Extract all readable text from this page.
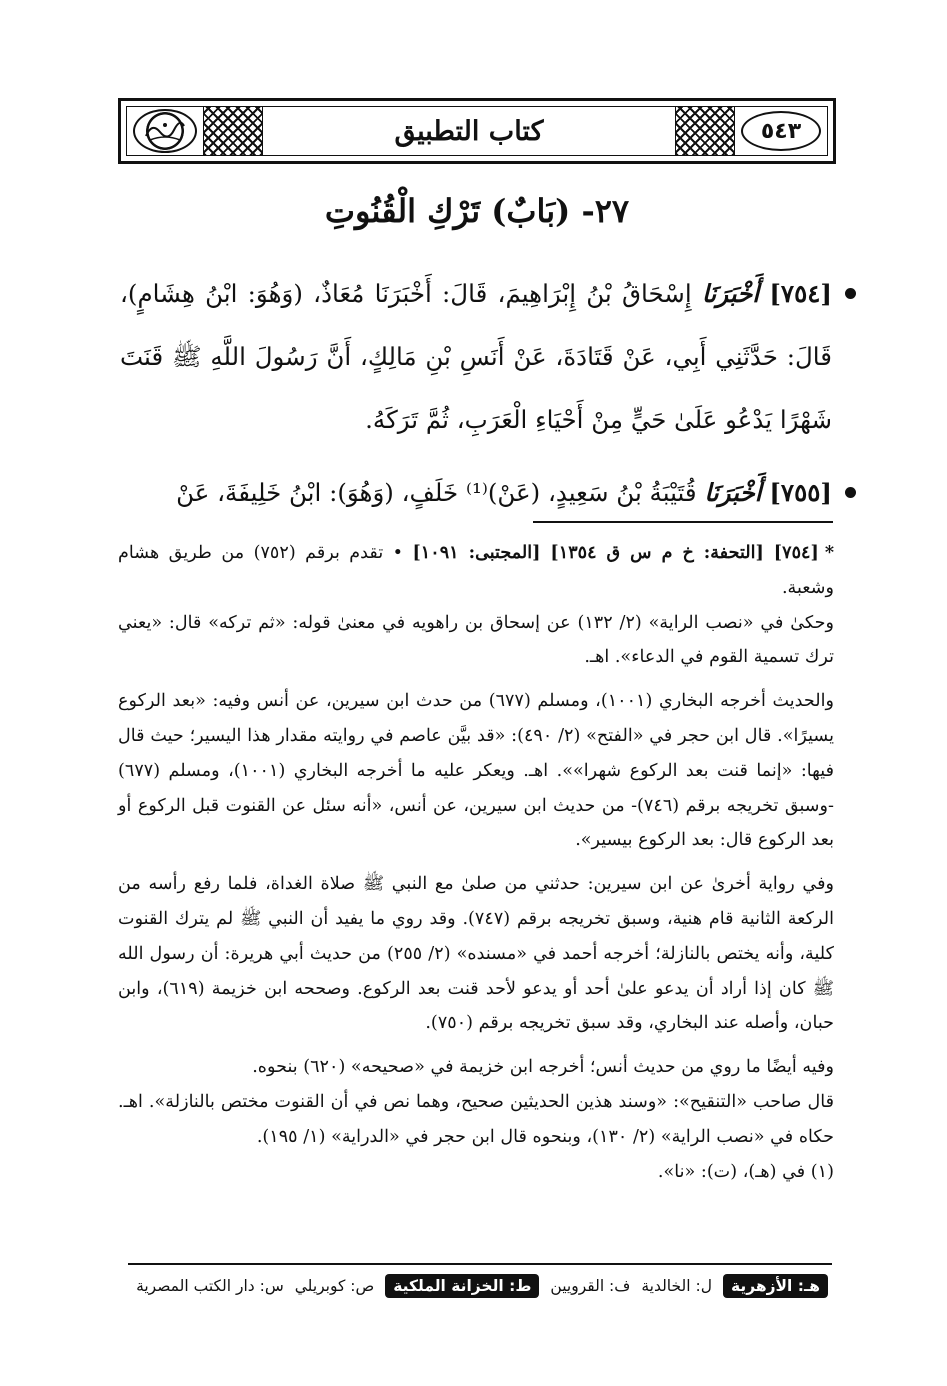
كتاب التطبيق	٥٤٣
٢٧- (بَابٌ) تَرْكِ الْقُنُوتِ

[٧٥٤] أَخْبَرَنَا إِسْحَاقُ بْنُ إِبْرَاهِيمَ، قَالَ: أَخْبَرَنَا مُعَاذٌ، (وَهُوَ: ابْنُ هِشَامٍ)، قَالَ: حَدَّثَنِي أَبِي، عَنْ قَتَادَةَ، عَنْ أَنَسِ بْنِ مَالِكٍ، أَنَّ رَسُولَ اللَّهِ ﷺ قَنَتَ شَهْرًا يَدْعُو عَلَىٰ حَيٍّ مِنْ أَحْيَاءِ الْعَرَبِ، ثُمَّ تَرَكَهُ.

[٧٥٥] أَخْبَرَنَا قُتَيْبَةُ بْنُ سَعِيدٍ، (عَنْ)⁽¹⁾ خَلَفٍ، (وَهُوَ): ابْنُ خَلِيفَةَ، عَنْ

*[٧٥٤] [التحفة: خ م س ق ١٣٥٤] [المجتبى: ١٠٩١] • تقدم برقم (٧٥٢) من طريق هشام وشعبة.

وحكىٰ في «نصب الراية» (٢/ ١٣٢) عن إسحاق بن راهويه في معنىٰ قوله: «ثم تركه» قال: «يعني ترك تسمية القوم في الدعاء». اهـ.

والحديث أخرجه البخاري (١٠٠١)، ومسلم (٦٧٧) من حدث ابن سيرين، عن أنس وفيه: «بعد الركوع يسيرًا». قال ابن حجر في «الفتح» (٢/ ٤٩٠): «قد بيَّن عاصم في روايته مقدار هذا اليسير؛ حيث قال فيها: «إنما قنت بعد الركوع شهرا»». اهـ. ويعكر عليه ما أخرجه البخاري (١٠٠١)، ومسلم (٦٧٧) -وسبق تخريجه برقم (٧٤٦)- من حديث ابن سيرين، عن أنس، «أنه سئل عن القنوت قبل الركوع أو بعد الركوع قال: بعد الركوع بيسير».

وفي رواية أخرىٰ عن ابن سيرين: حدثني من صلىٰ مع النبي ﷺ صلاة الغداة، فلما رفع رأسه من الركعة الثانية قام هنية، وسبق تخريجه برقم (٧٤٧). وقد روي ما يفيد أن النبي ﷺ لم يترك القنوت كلية، وأنه يختص بالنازلة؛ أخرجه أحمد في «مسنده» (٢/ ٢٥٥) من حديث أبي هريرة: أن رسول الله ﷺ كان إذا أراد أن يدعو علىٰ أحد أو يدعو لأحد قنت بعد الركوع. وصححه ابن خزيمة (٦١٩)، وابن حبان، وأصله عند البخاري، وقد سبق تخريجه برقم (٧٥٠).

وفيه أيضًا ما روي من حديث أنس؛ أخرجه ابن خزيمة في «صحيحه» (٦٢٠) بنحوه.

قال صاحب «التنقيح»: «وسند هذين الحديثين صحيح، وهما نص في أن القنوت مختص بالنازلة». اهـ. حكاه في «نصب الراية» (٢/ ١٣٠)، وبنحوه قال ابن حجر في «الدراية» (١/ ١٩٥).

(١) في (هـ)، (ت): «نا».

س: دار الكتب المصرية ص: كوبريلي	ط: الخزانة الملكية	ف: القرويين ل: الخالدية	هـ: الأزهرية
